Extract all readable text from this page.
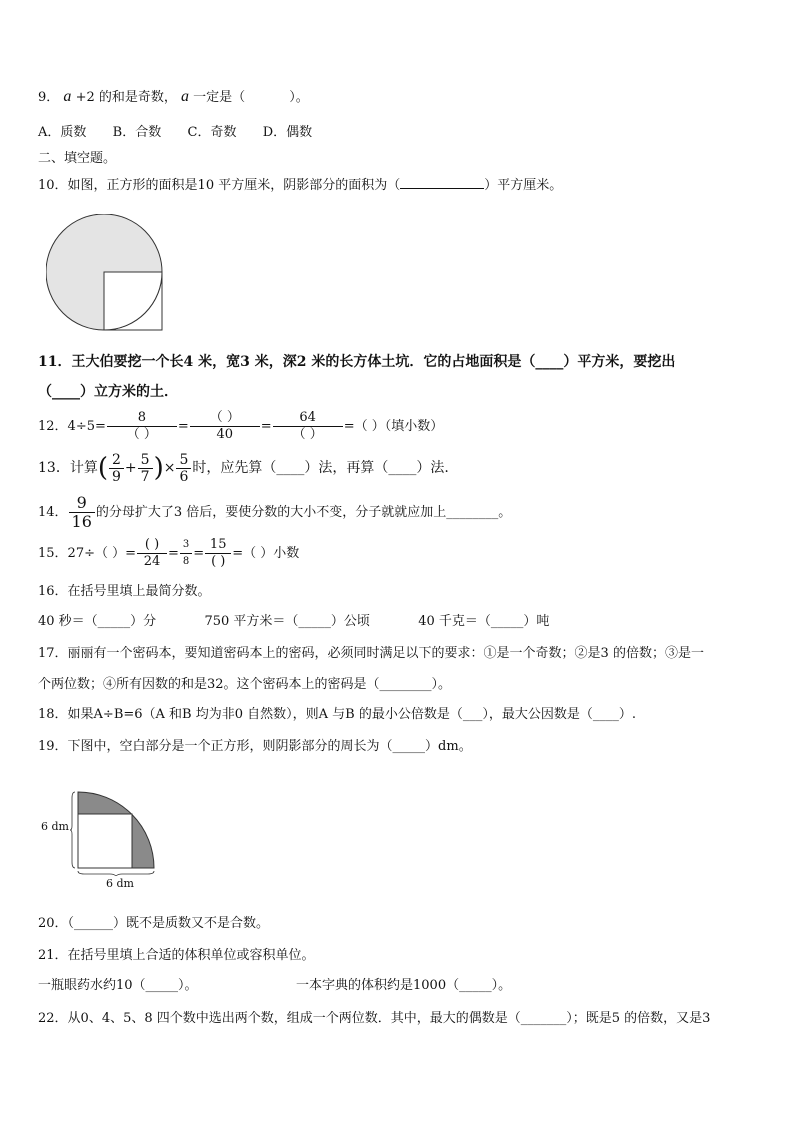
9． a +2 的和是奇数， a 一定是（	）。
A．质数 B．合数 C．奇数 D．偶数
二、填空题。
10．如图，正方形的面积是10 平方厘米，阴影部分的面积为（	）平方厘米。
11．王大伯要挖一个长4 米，宽3 米，深2 米的长方体土坑．它的占地面积是（____）平方米，要挖出
（____）立方米的土．
12．$4\div 5= \frac{8}{( )} = \frac{( )}{40} = \frac{64}{( )}$ =（ ）（填小数）
13．计算( $\frac{2}{9} + \frac{5}{7}$ )× $\frac{5}{6}$ 时，应先算（____）法，再算（____）法.
14． $\frac{9}{16}$ 的分母扩大了3 倍后，要使分数的大小不变，分子就就应加上________。
15．27÷（ ）= $\frac{( )}{24} = \frac{3}{8} = \frac{15}{( )}$ =（ ）小数
16．在括号里填上最简分数。
40 秒＝（_____）分	750 平方米＝（_____）公顷	40 千克＝（_____）吨
17．丽丽有一个密码本，要知道密码本上的密码，必须同时满足以下的要求：①是一个奇数；②是3 的倍数；③是一
个两位数；④所有因数的和是32。这个密码本上的密码是（________）。
18．如果A÷B=6（A 和B 均为非0 自然数），则A 与B 的最小公倍数是（___），最大公因数是（____）.
19．下图中，空白部分是一个正方形，则阴影部分的周长为（_____）dm。
6 dm
6 dm
20．（______）既不是质数又不是合数。
21．在括号里填上合适的体积单位或容积单位。
一瓶眼药水约10（_____）。	一本字典的体积约是1000（_____）。
22．从0、4、5、8 四个数中选出两个数，组成一个两位数．其中，最大的偶数是（_______）；既是5 的倍数，又是3
